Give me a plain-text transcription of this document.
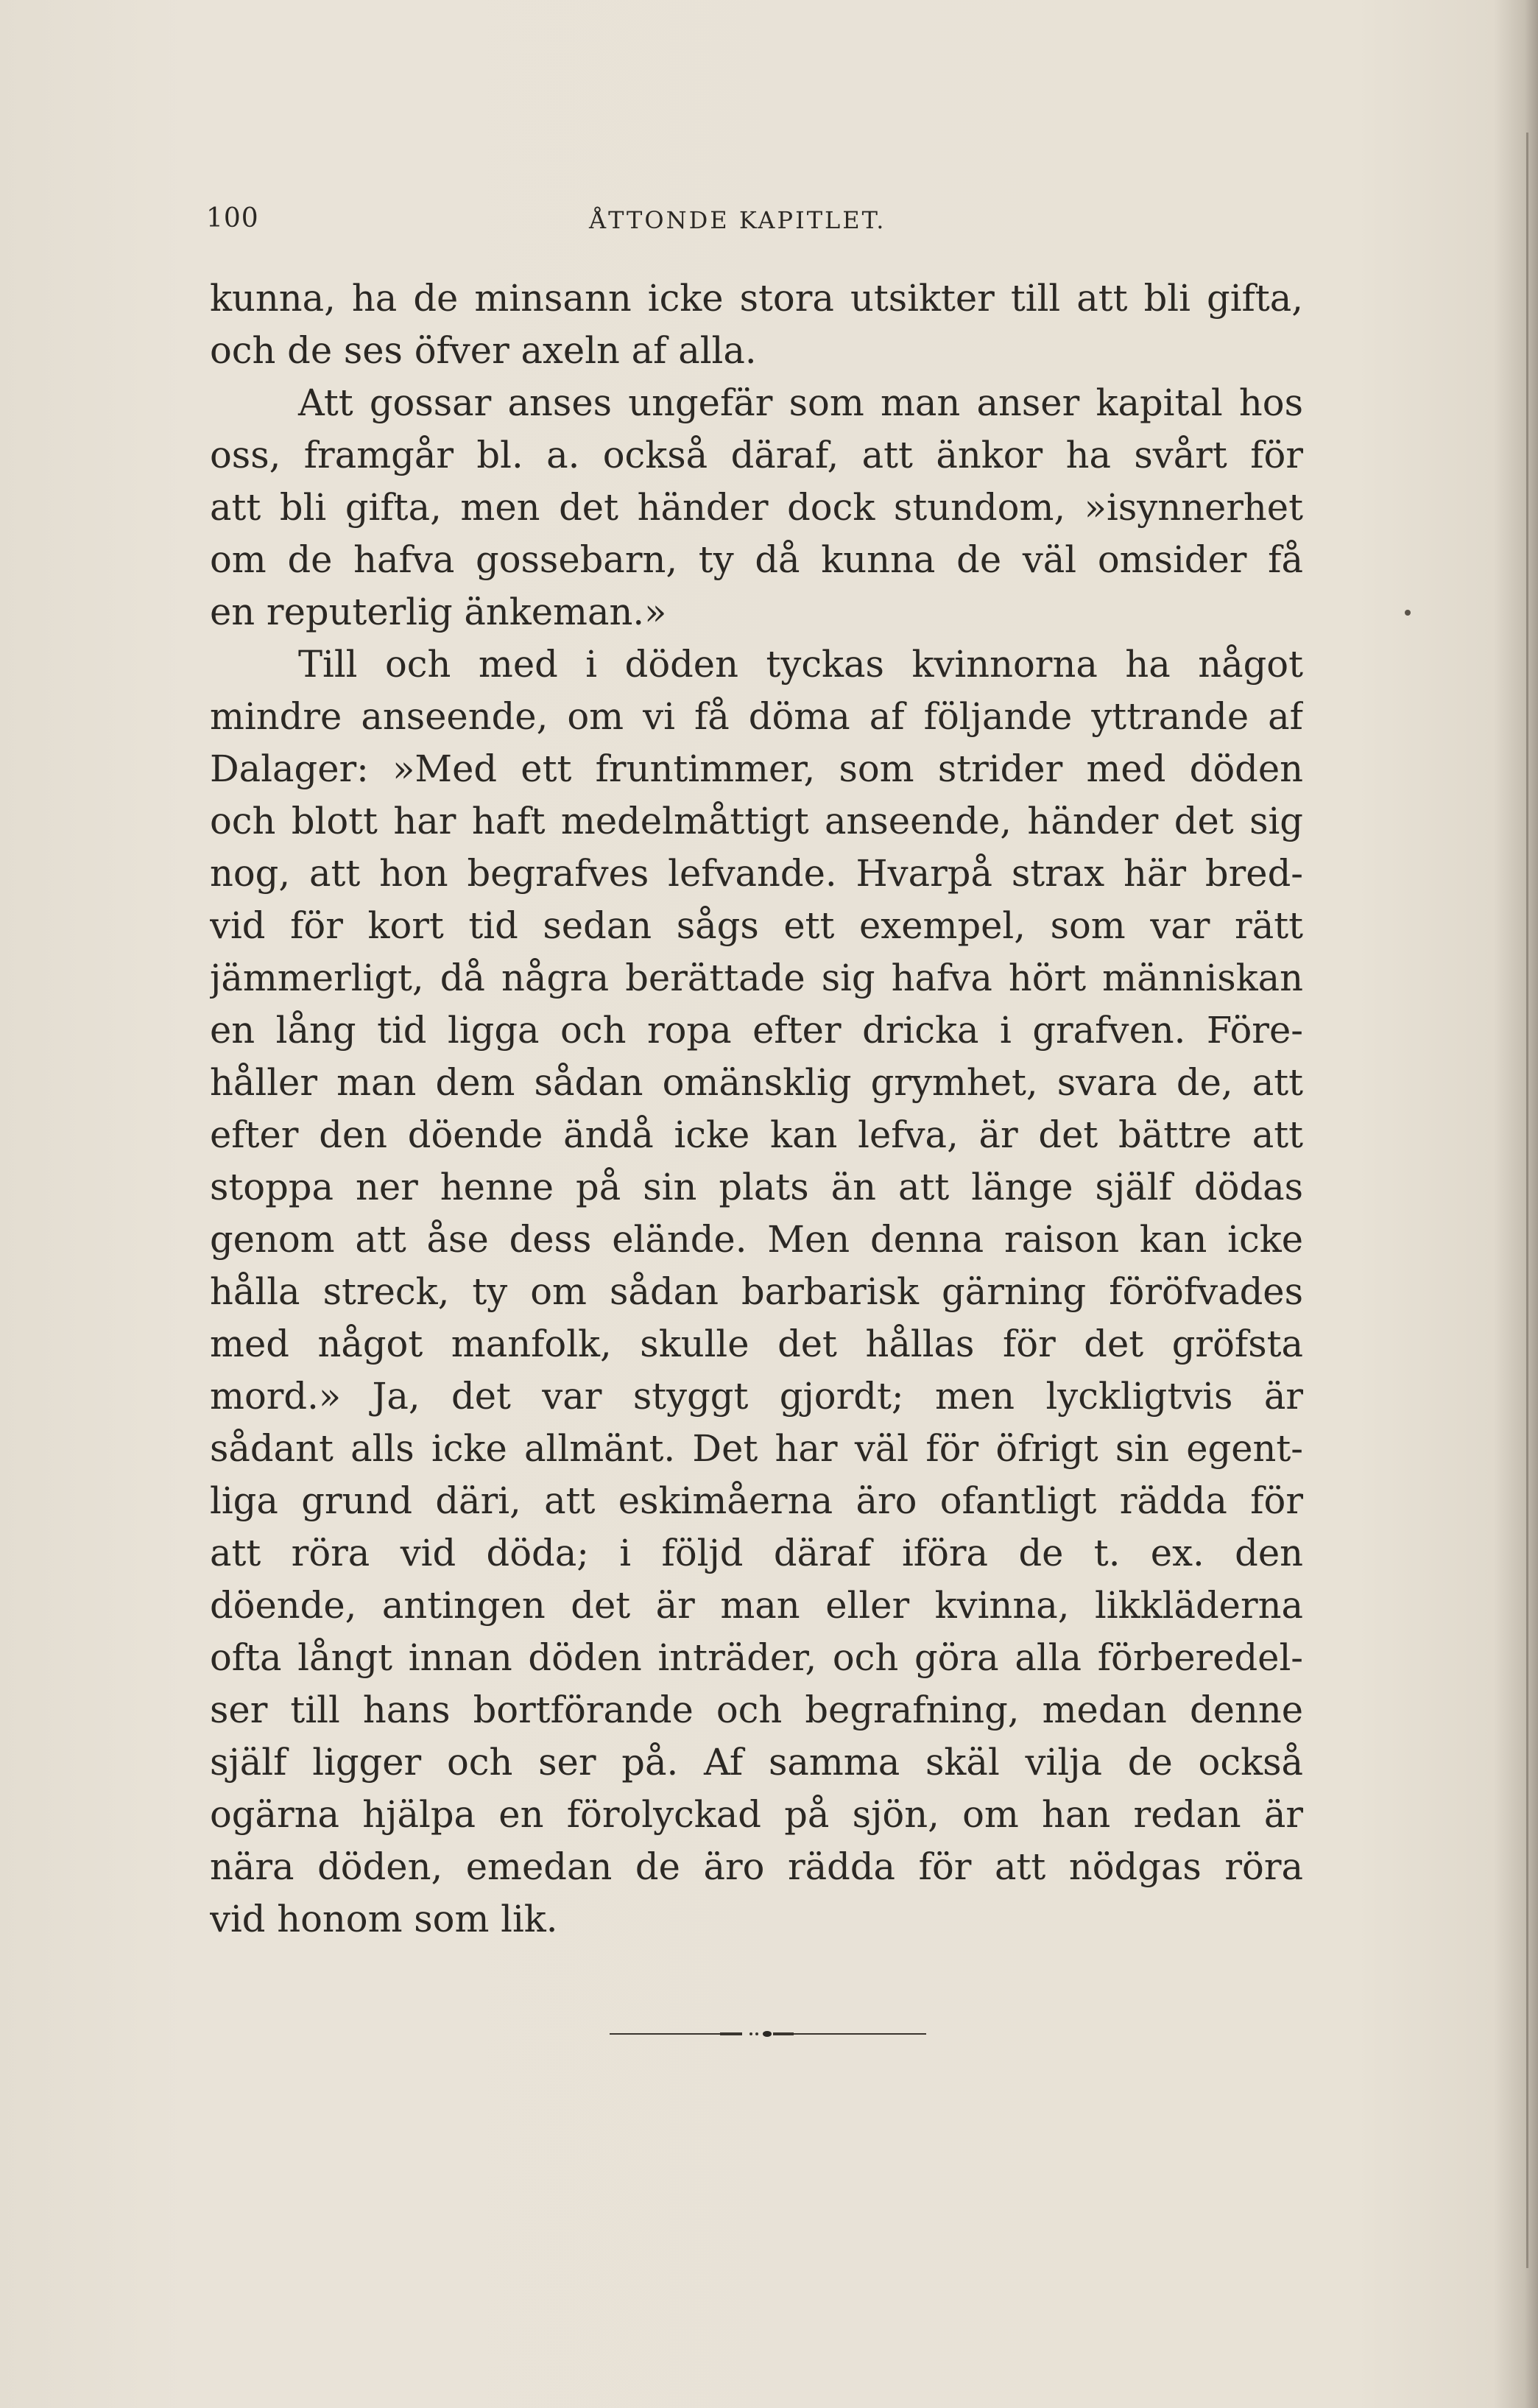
100	ÅTTONDE KAPITLET.
kunna, ha de minsann icke stora utsikter till att bli gifta,
och de ses öfver axeln af alla.
Att gossar anses ungefär som man anser kapital hos
oss, framgår bl. a. också däraf, att änkor ha svårt för
att bli gifta, men det händer dock stundom, »isynnerhet
om de hafva gossebarn, ty då kunna de väl omsider få
en reputerlig änkeman.»
Till och med i döden tyckas kvinnorna ha något
mindre anseende, om vi få döma af följande yttrande af
Dalager: »Med ett fruntimmer, som strider med döden
och blott har haft medelmåttigt anseende, händer det sig
nog, att hon begrafves lefvande. Hvarpå strax här bred-
vid för kort tid sedan sågs ett exempel, som var rätt
jämmerligt, då några berättade sig hafva hört människan
en lång tid ligga och ropa efter dricka i grafven. Före-
håller man dem sådan omänsklig grymhet, svara de, att
efter den döende ändå icke kan lefva, är det bättre att
stoppa ner henne på sin plats än att länge själf dödas
genom att åse dess elände. Men denna raison kan icke
hålla streck, ty om sådan barbarisk gärning föröfvades
med något manfolk, skulle det hållas för det gröfsta
mord.» Ja, det var styggt gjordt; men lyckligtvis är
sådant alls icke allmänt. Det har väl för öfrigt sin egent-
liga grund däri, att eskimåerna äro ofantligt rädda för
att röra vid döda; i följd däraf iföra de t. ex. den
döende, antingen det är man eller kvinna, likkläderna
ofta långt innan döden inträder, och göra alla förberedel-
ser till hans bortförande och begrafning, medan denne
själf ligger och ser på. Af samma skäl vilja de också
ogärna hjälpa en förolyckad på sjön, om han redan är
nära döden, emedan de äro rädda för att nödgas röra
vid honom som lik.
